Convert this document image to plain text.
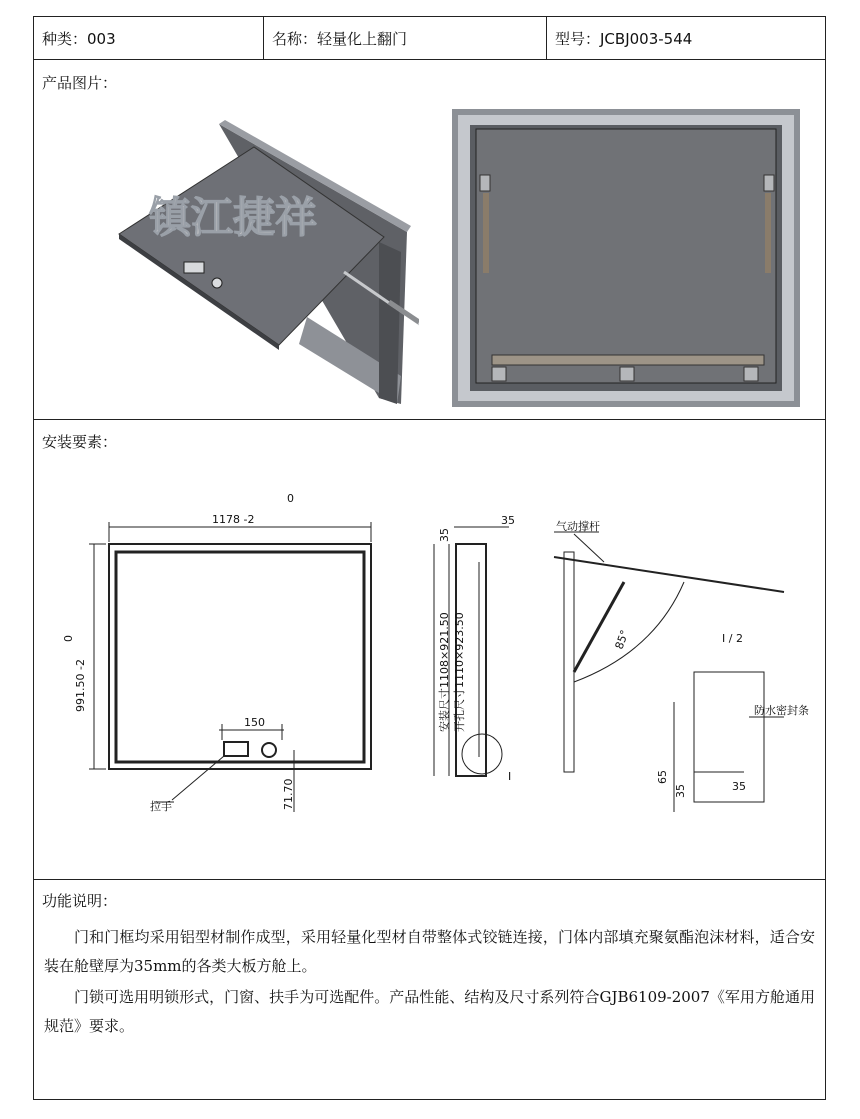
种类：003	名称：轻量化上翻门	型号：JCBJ003-544
产品图片：
镇江捷祥
安装要素：
0
1178 -2
991.50 -2
0
150
71.70
拉手
35
35
安装尺寸1108×921.50 开孔尺寸1110×923.50
气动撑杆
85°
防水密封条
I
I / 2
65
35	35
功能说明：

门和门框均采用铝型材制作成型，采用轻量化型材自带整体式铰链连接，门体内部填充聚氨酯泡沫材料，适合安装在舱壁厚为35mm的各类大板方舱上。

门锁可选用明锁形式，门窗、扶手为可选配件。产品性能、结构及尺寸系列符合GJB6109-2007《军用方舱通用规范》要求。
